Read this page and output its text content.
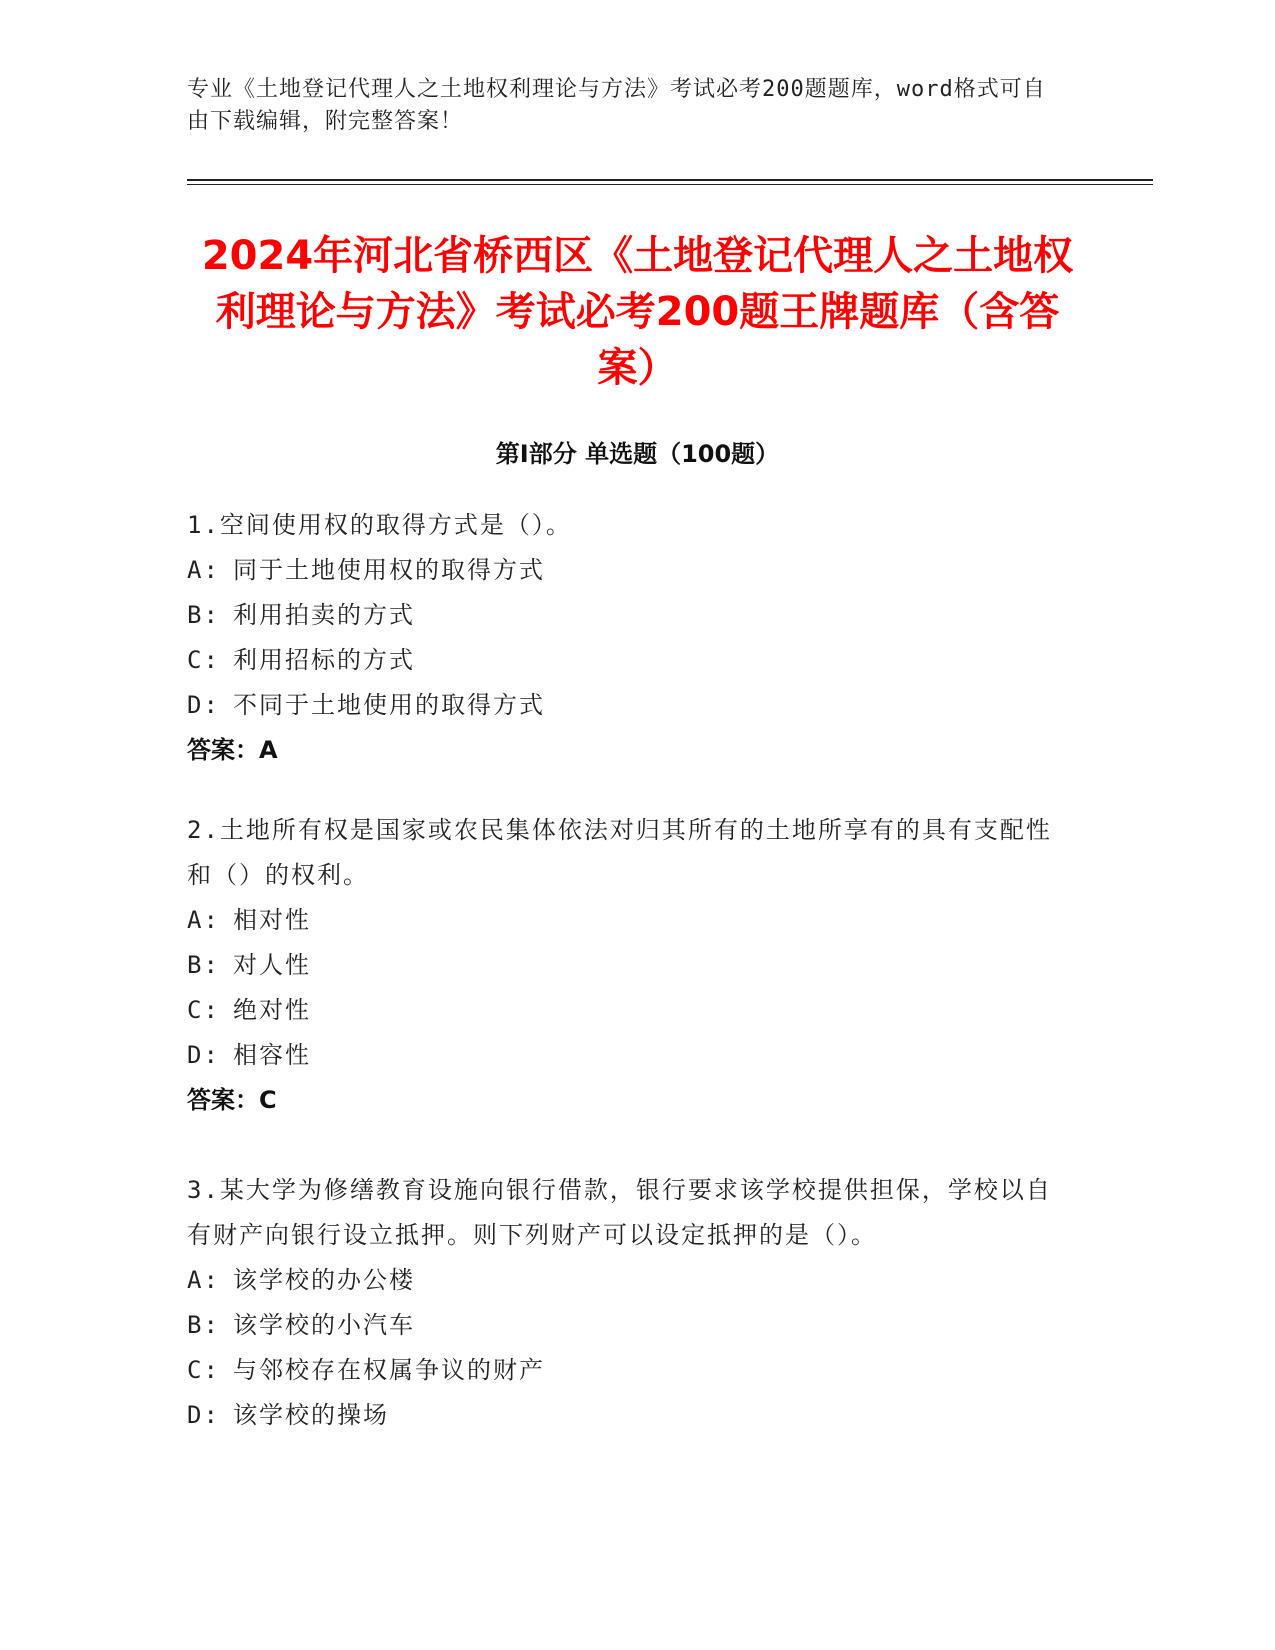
专业《土地登记代理人之土地权利理论与方法》考试必考200题题库，word格式可自由下载编辑，附完整答案！
2024年河北省桥西区《土地登记代理人之土地权利理论与方法》考试必考200题王牌题库（含答案）
第I部分 单选题（100题）
1.空间使用权的取得方式是（）。
A: 同于土地使用权的取得方式
B: 利用拍卖的方式
C: 利用招标的方式
D: 不同于土地使用的取得方式
答案：A
2.土地所有权是国家或农民集体依法对归其所有的土地所享有的具有支配性和（）的权利。
A: 相对性
B: 对人性
C: 绝对性
D: 相容性
答案：C
3.某大学为修缮教育设施向银行借款，银行要求该学校提供担保，学校以自有财产向银行设立抵押。则下列财产可以设定抵押的是（）。
A: 该学校的办公楼
B: 该学校的小汽车
C: 与邻校存在权属争议的财产
D: 该学校的操场
